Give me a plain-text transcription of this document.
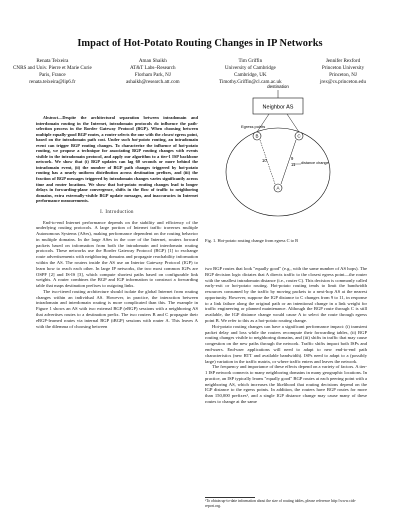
Impact of Hot-Potato Routing Changes in IP Networks
Renata Teixeira
CNRS and Univ. Pierre et Marie Curie
Paris, France
renata.teixeira@lip6.fr
Aman Shaikh
AT&T Labs–Research
Florham Park, NJ
ashaikh@research.att.com
Tim Griffin
University of Cambridge
Cambridge, UK
Timothy.Griffin@cl.cam.ac.uk
Jennifer Rexford
Princeton University
Princeton, NJ
jrex@cs.princeton.edu
Abstract—Despite the architectural separation between intradomain and interdomain routing in the Internet, intradomain protocols do influence the path-selection process in the Border Gateway Protocol (BGP). When choosing between multiple equally-good BGP routes, a router selects the one with the closest egress point, based on the intradomain path cost. Under such hot-potato routing, an intradomain event can trigger BGP routing changes. To characterize the influence of hot-potato routing, we propose a technique for associating BGP routing changes with events visible in the intradomain protocol, and apply our algorithm to a tier-1 ISP backbone network. We show that (i) BGP updates can lag 60 seconds or more behind the intradomain event, (ii) the number of BGP path changes triggered by hot-potato routing has a nearly uniform distribution across destination prefixes, and (iii) the fraction of BGP messages triggered by intradomain changes varies significantly across time and router locations. We show that hot-potato routing changes lead to longer delays in forwarding-plane convergence, shifts in the flow of traffic to neighboring domains, extra externally-visible BGP update messages, and inaccuracies in Internet performance measurements.
I. Introduction

End-to-end Internet performance depends on the stability and efficiency of the underlying routing protocols. A large portion of Internet traffic traverses multiple Autonomous Systems (ASes), making performance dependent on the routing behavior in multiple domains. In the large ASes in the core of the Internet, routers forward packets based on information from both the intradomain and interdomain routing protocols. These networks use the Border Gateway Protocol (BGP) [1] to exchange route advertisements with neighboring domains and propagate reachability information within the AS. The routers inside the AS use an Interior Gateway Protocol (IGP) to learn how to reach each other. In large IP networks, the two most common IGPs are OSPF [2] and IS-IS [3], which compute shortest paths based on configurable link weights. A router combines the BGP and IGP information to construct a forwarding table that maps destination prefixes to outgoing links.

The two-tiered routing architecture should isolate the global Internet from routing changes within an individual AS. However, in practice, the interaction between intradomain and interdomain routing is more complicated than this. The example in Figure 1 shows an AS with two external BGP (eBGP) sessions with a neighboring AS that advertises routes to a destination prefix. The two routers B and C propagate their eBGP-learned routes via internal BGP (iBGP) sessions with router A. This leaves A with the dilemma of choosing between

destination
Neighbor AS
Egress points
B	C
A
10	9
11 distance change
Fig. 1. Hot-potato routing change from egress C to B

two BGP routes that look "equally good" (e.g., with the same number of AS hops). The BGP decision logic dictates that A directs traffic to the closest egress point—the router with the smallest intradomain distance (i.e., router C). This decision is commonly called early-exit or hot-potato routing. Hot-potato routing tends to limit the bandwidth resources consumed by the traffic by moving packets to a next-hop AS at the nearest opportunity. However, suppose the IGP distance to C changes from 9 to 11, in response to a link failure along the original path or an intentional change in a link weight for traffic engineering or planned maintenance. Although the BGP route through C is still available, the IGP distance change would cause A to select the route through egress point B. We refer to this as a hot-potato routing change.

Hot-potato routing changes can have a significant performance impact: (i) transient packet delay and loss while the routers recompute their forwarding tables, (ii) BGP routing changes visible to neighboring domains, and (iii) shifts in traffic that may cause congestion on the new paths through the network. Traffic shifts impact both ISPs and end-users. End-user applications will need to adapt to new end-to-end path characteristics (new RTT and available bandwidth). ISPs need to adapt to a (possibly large) variation in the traffic matrix, or where traffic enters and leaves the network.

The frequency and importance of these effects depend on a variety of factors. A tier-1 ISP network connects to many neighboring domains in many geographic locations. In practice, an ISP typically learns "equally good" BGP routes at each peering point with a neighboring AS, which increases the likelihood that routing decisions depend on the IGP distance to the egress points. In addition, the routers have BGP routes for more than 150,000 prefixes¹, and a single IGP distance change may cause many of these routes to change at the same

¹To obtain up-to-date information about the size of routing tables, please reference http://www.cidr-report.org.
